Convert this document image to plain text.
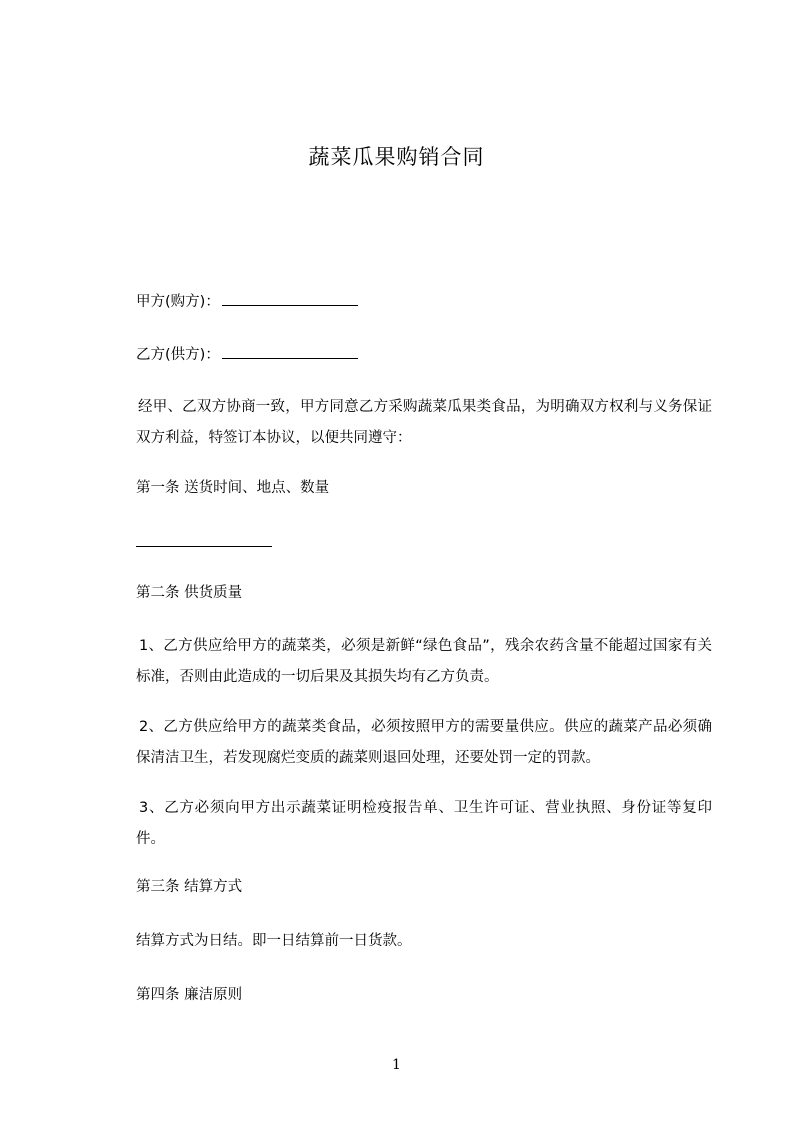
蔬菜瓜果购销合同
甲方(购方)：
乙方(供方)：
经甲、乙双方协商一致，甲方同意乙方采购蔬菜瓜果类食品，为明确双方权利与义务保证双方利益，特签订本协议，以便共同遵守：
第一条 送货时间、地点、数量
第二条 供货质量
1、乙方供应给甲方的蔬菜类，必须是新鲜“绿色食品”，残余农药含量不能超过国家有关标准，否则由此造成的一切后果及其损失均有乙方负责。
2、乙方供应给甲方的蔬菜类食品，必须按照甲方的需要量供应。供应的蔬菜产品必须确保清洁卫生，若发现腐烂变质的蔬菜则退回处理，还要处罚一定的罚款。
3、乙方必须向甲方出示蔬菜证明检疫报告单、卫生许可证、营业执照、身份证等复印件。
第三条 结算方式
结算方式为日结。即一日结算前一日货款。
第四条 廉洁原则
1
